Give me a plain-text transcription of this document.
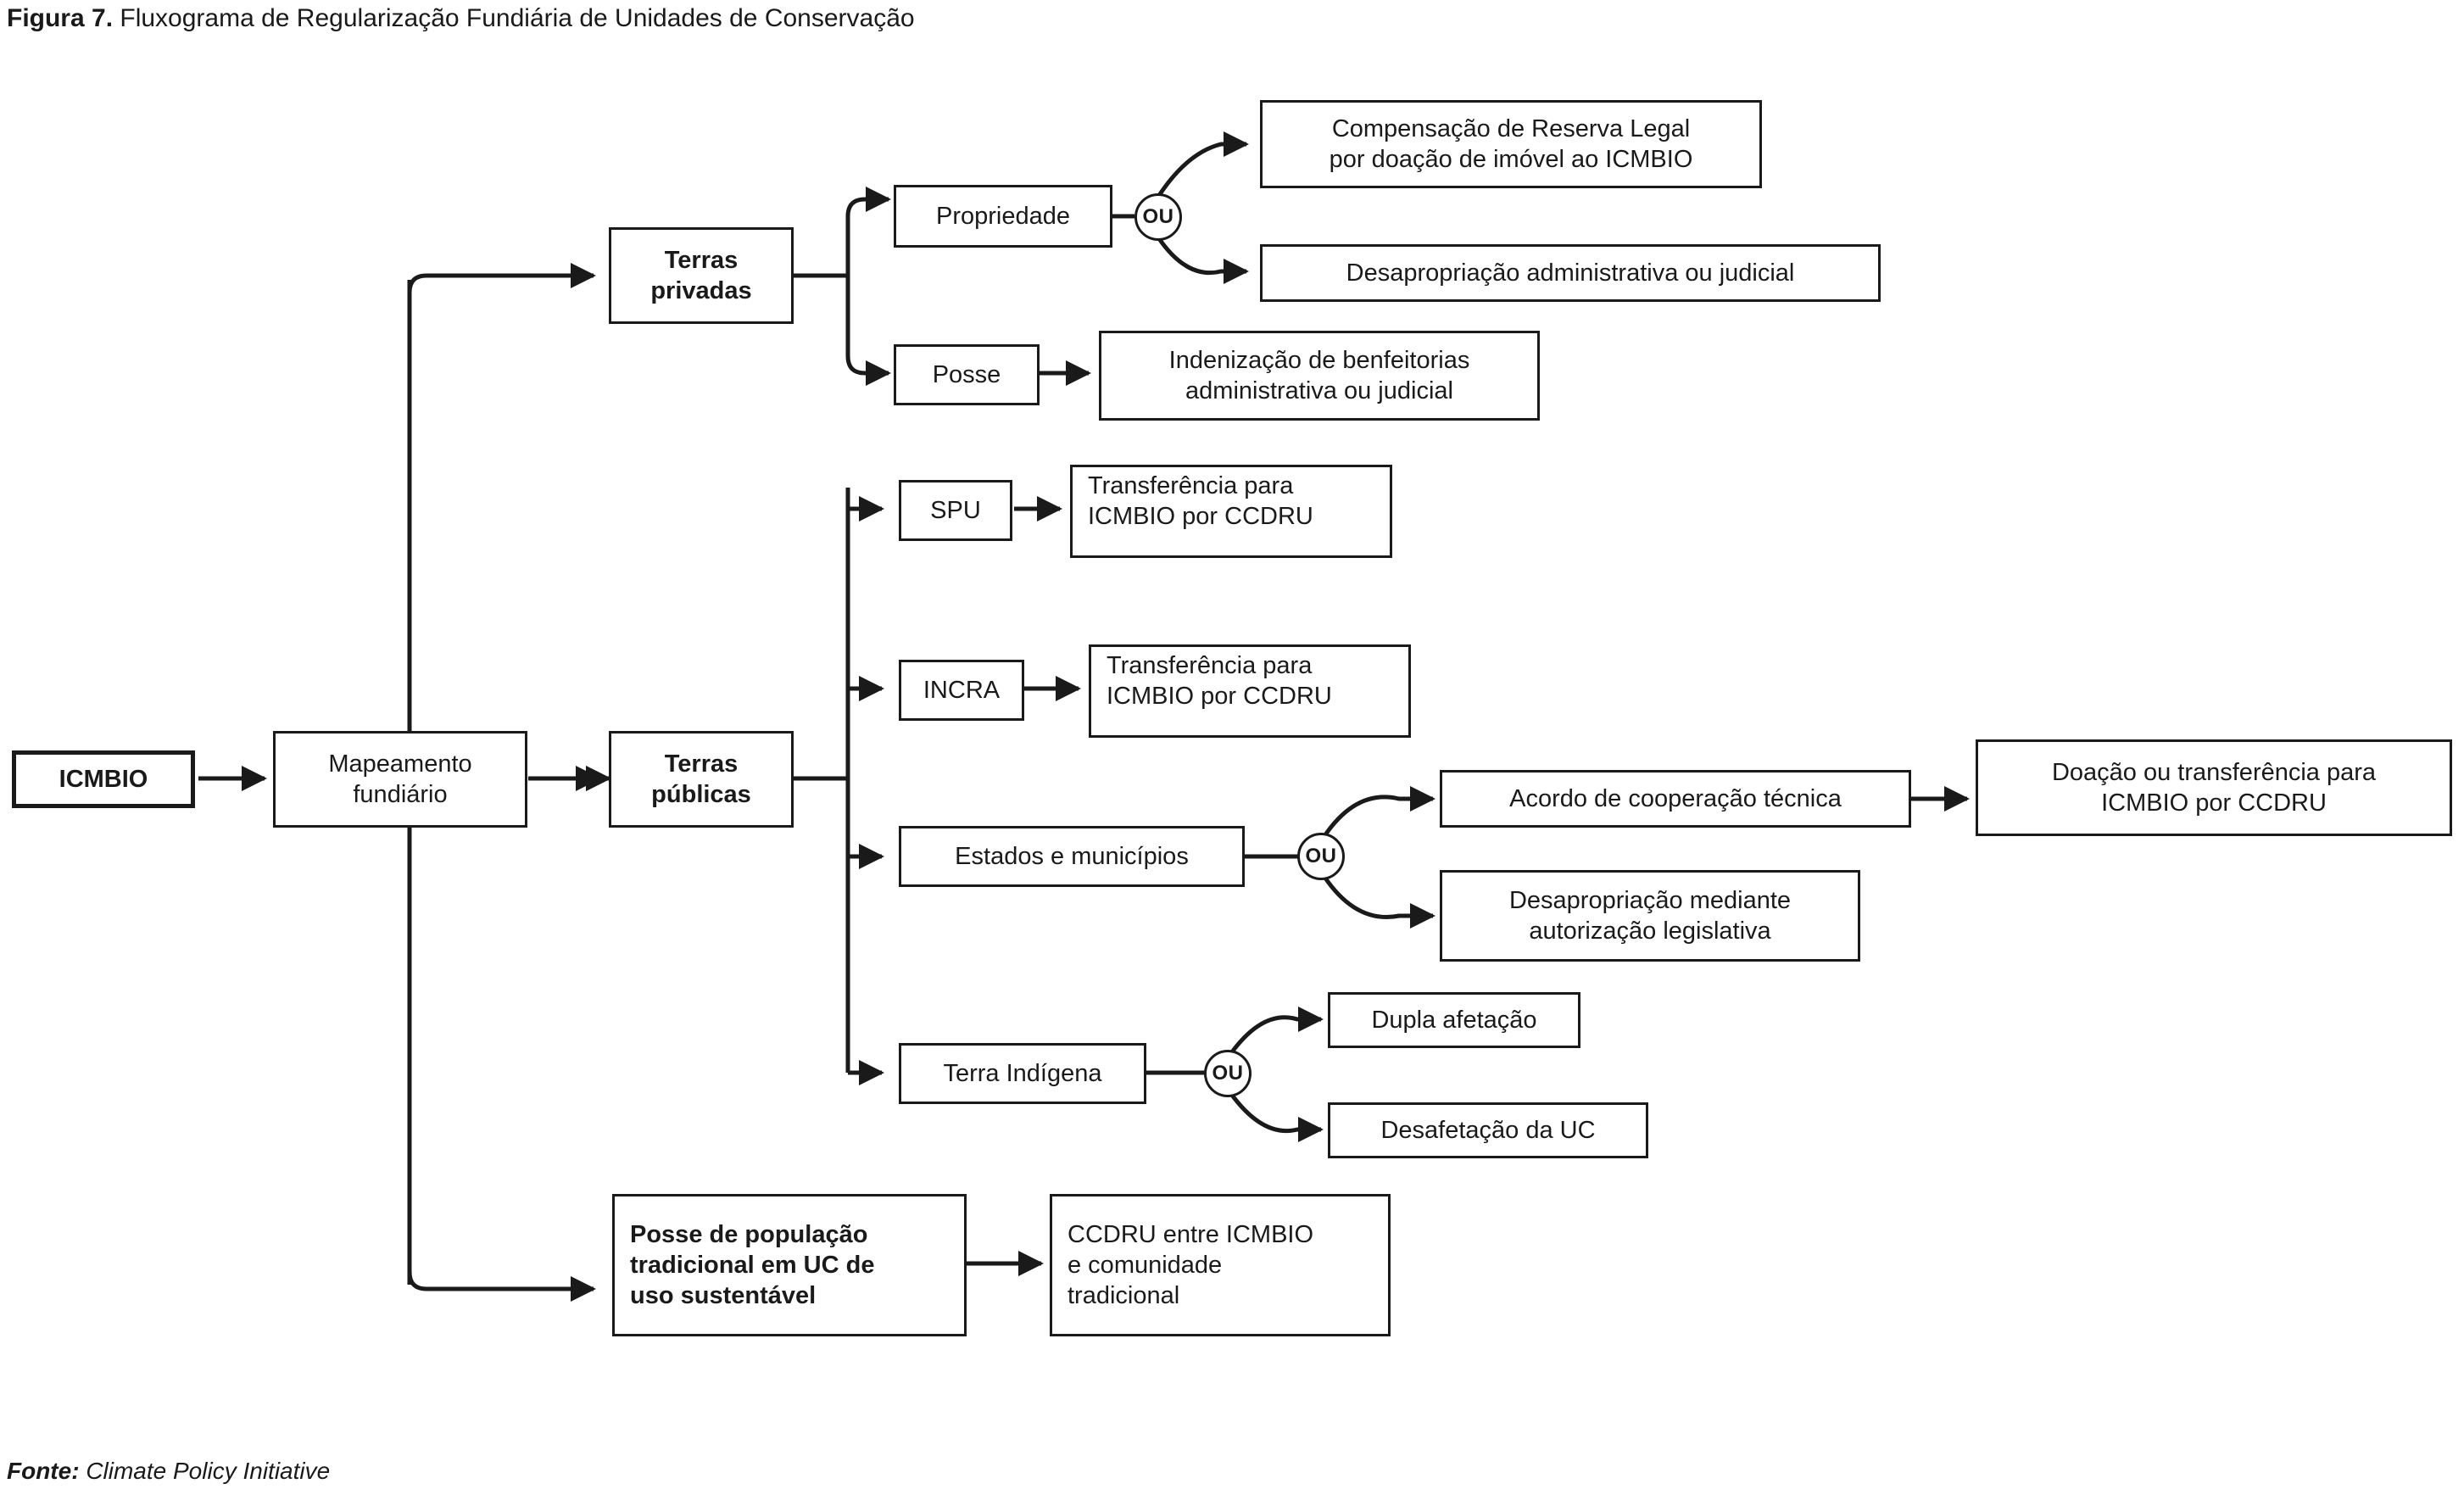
Figura 7. Fluxograma de Regularização Fundiária de Unidades de Conservação
ICMBIO
Mapeamento
fundiário
Terras
privadas
Propriedade
Compensação de Reserva Legal
por doação de imóvel ao ICMBIO
Desapropriação administrativa ou judicial
Posse
Indenização de benfeitorias
administrativa ou judicial
Terras
públicas
SPU
Transferência para
ICMBIO por CCDRU
INCRA
Transferência para
ICMBIO por CCDRU
Estados e municípios
Acordo de cooperação técnica
Desapropriação mediante
autorização legislativa
Doação ou transferência para
ICMBIO por CCDRU
Terra Indígena
Dupla afetação
Desafetação da UC
Posse de população
tradicional em UC de
uso sustentável
CCDRU entre ICMBIO
e comunidade
tradicional
OU
OU
OU
Fonte: Climate Policy Initiative
